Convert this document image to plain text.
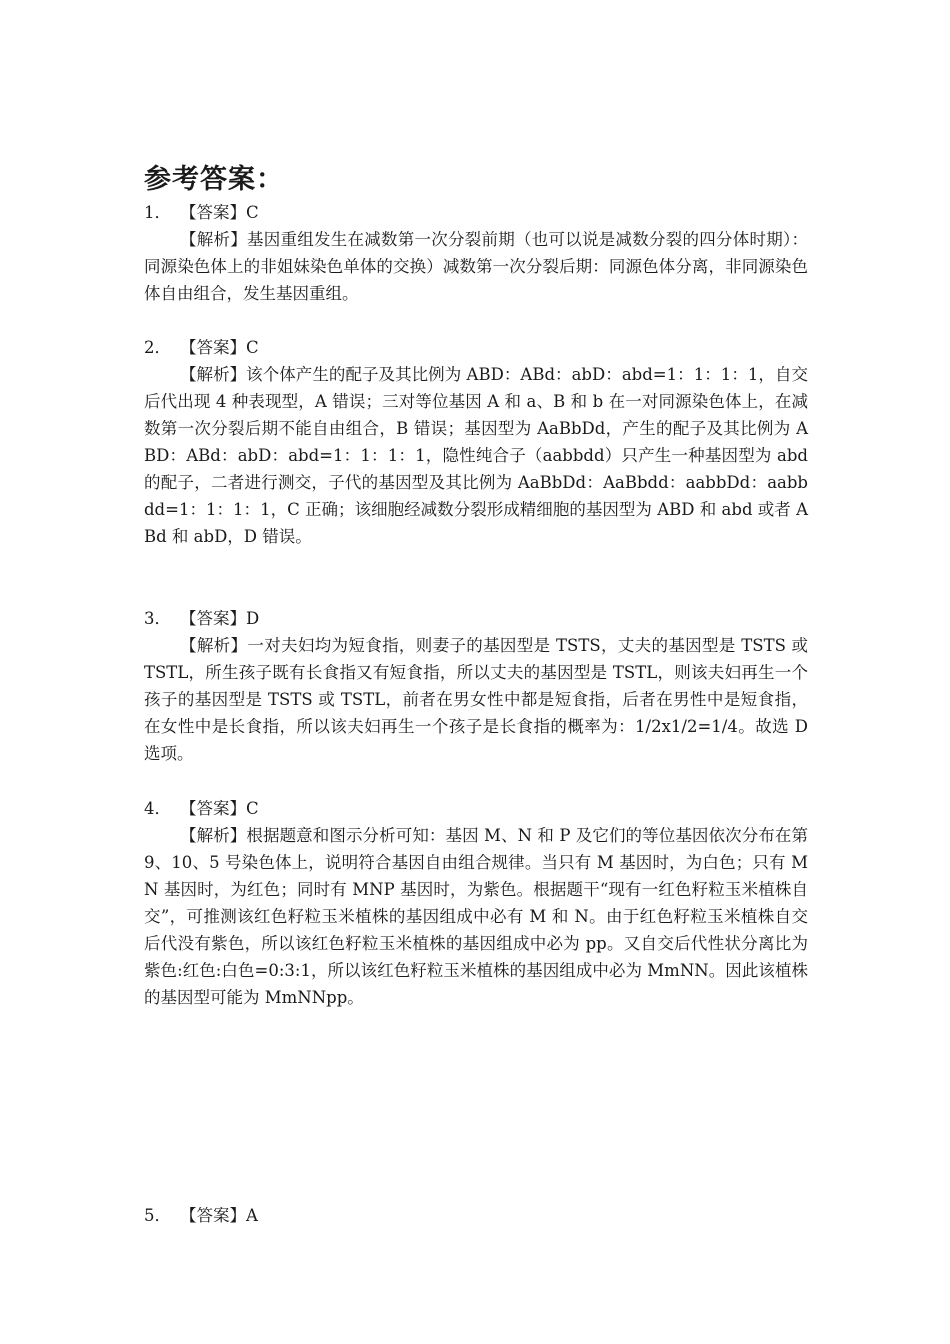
参考答案：

1． 【答案】C

【解析】基因重组发生在减数第一次分裂前期（也可以说是减数分裂的四分体时期）：同源染色体上的非姐妹染色单体的交换）减数第一次分裂后期：同源色体分离，非同源染色体自由组合，发生基因重组。

2． 【答案】C

【解析】该个体产生的配子及其比例为 ABD：ABd：abD：abd=1：1：1：1，自交后代出现 4 种表现型，A 错误；三对等位基因 A 和 a、B 和 b 在一对同源染色体上，在减数第一次分裂后期不能自由组合，B 错误；基因型为 AaBbDd，产生的配子及其比例为 ABD：ABd：abD：abd=1：1：1：1，隐性纯合子（aabbdd）只产生一种基因型为 abd 的配子，二者进行测交，子代的基因型及其比例为 AaBbDd：AaBbdd：aabbDd：aabbdd=1：1：1：1，C 正确；该细胞经减数分裂形成精细胞的基因型为 ABD 和 abd 或者 ABd 和 abD，D 错误。

3． 【答案】D

【解析】一对夫妇均为短食指，则妻子的基因型是 TSTS，丈夫的基因型是 TSTS 或 TSTL，所生孩子既有长食指又有短食指，所以丈夫的基因型是 TSTL，则该夫妇再生一个孩子的基因型是 TSTS 或 TSTL，前者在男女性中都是短食指，后者在男性中是短食指，在女性中是长食指，所以该夫妇再生一个孩子是长食指的概率为：1/2x1/2=1/4。故选 D 选项。

4． 【答案】C

【解析】根据题意和图示分析可知：基因 M、N 和 P 及它们的等位基因依次分布在第 9、10、5 号染色体上，说明符合基因自由组合规律。当只有 M 基因时，为白色；只有 MN 基因时，为红色；同时有 MNP 基因时，为紫色。根据题干“现有一红色籽粒玉米植株自交”，可推测该红色籽粒玉米植株的基因组成中必有 M 和 N。由于红色籽粒玉米植株自交后代没有紫色，所以该红色籽粒玉米植株的基因组成中必为 pp。又自交后代性状分离比为紫色:红色:白色=0:3:1，所以该红色籽粒玉米植株的基因组成中必为 MmNN。因此该植株的基因型可能为 MmNNpp。

5． 【答案】A
